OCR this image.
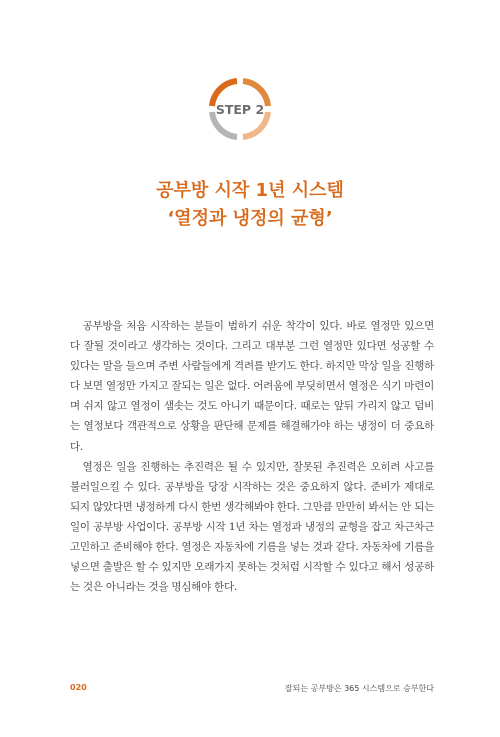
STEP 2
공부방 시작 1년 시스템
‘열정과 냉정의 균형’

공부방을 처음 시작하는 분들이 범하기 쉬운 착각이 있다. 바로 열정만 있으면 다 잘될 것이라고 생각하는 것이다. 그리고 대부분 그런 열정만 있다면 성공할 수 있다는 말을 들으며 주변 사람들에게 격려를 받기도 한다. 하지만 막상 일을 진행하다 보면 열정만 가지고 잘되는 일은 없다. 어려움에 부딪히면서 열정은 식기 마련이며 쉬지 않고 열정이 샘솟는 것도 아니기 때문이다. 때로는 앞뒤 가리지 않고 덤비는 열정보다 객관적으로 상황을 판단해 문제를 해결해가야 하는 냉정이 더 중요하다.

열정은 일을 진행하는 추진력은 될 수 있지만, 잘못된 추진력은 오히려 사고를 불러일으킬 수 있다. 공부방을 당장 시작하는 것은 중요하지 않다. 준비가 제대로 되지 않았다면 냉정하게 다시 한번 생각해봐야 한다. 그만큼 만만히 봐서는 안 되는 일이 공부방 사업이다. 공부방 시작 1년 차는 열정과 냉정의 균형을 잡고 차근차근 고민하고 준비해야 한다. 열정은 자동차에 기름을 넣는 것과 같다. 자동차에 기름을 넣으면 출발은 할 수 있지만 오래가지 못하는 것처럼 시작할 수 있다고 해서 성공하는 것은 아니라는 것을 명심해야 한다.

020	잘되는 공부방은 365 시스템으로 승부한다
